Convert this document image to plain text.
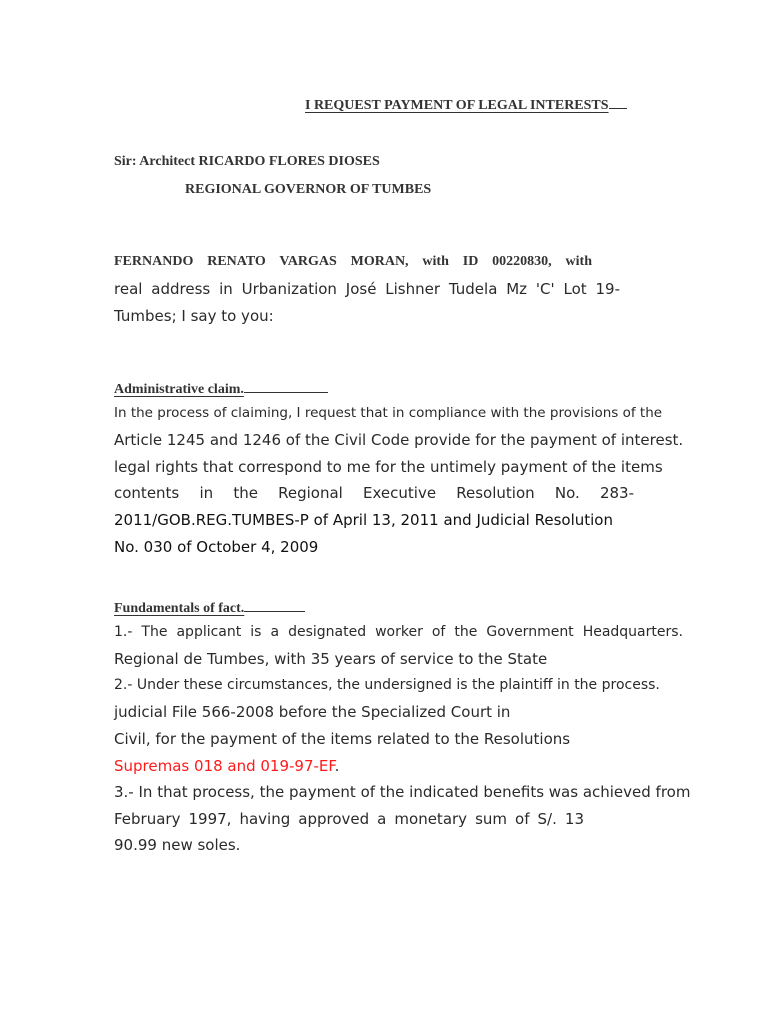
I REQUEST PAYMENT OF LEGAL INTERESTS
Sir: Architect RICARDO FLORES DIOSES
REGIONAL GOVERNOR OF TUMBES
FERNANDO RENATO VARGAS MORAN, with ID 00220830, with
real address in Urbanization José Lishner Tudela Mz 'C' Lot 19-
Tumbes; I say to you:
Administrative claim.
In the process of claiming, I request that in compliance with the provisions of the
Article 1245 and 1246 of the Civil Code provide for the payment of interest.
legal rights that correspond to me for the untimely payment of the items
contents in the Regional Executive Resolution No. 283-
2011/GOB.REG.TUMBES-P of April 13, 2011 and Judicial Resolution
No. 030 of October 4, 2009
Fundamentals of fact.
1.- The applicant is a designated worker of the Government Headquarters.
Regional de Tumbes, with 35 years of service to the State
2.- Under these circumstances, the undersigned is the plaintiff in the process.
judicial File 566-2008 before the Specialized Court in
Civil, for the payment of the items related to the Resolutions
Supremas 018 and 019-97-EF.
3.- In that process, the payment of the indicated benefits was achieved from
February 1997, having approved a monetary sum of S/. 13
90.99 new soles.
